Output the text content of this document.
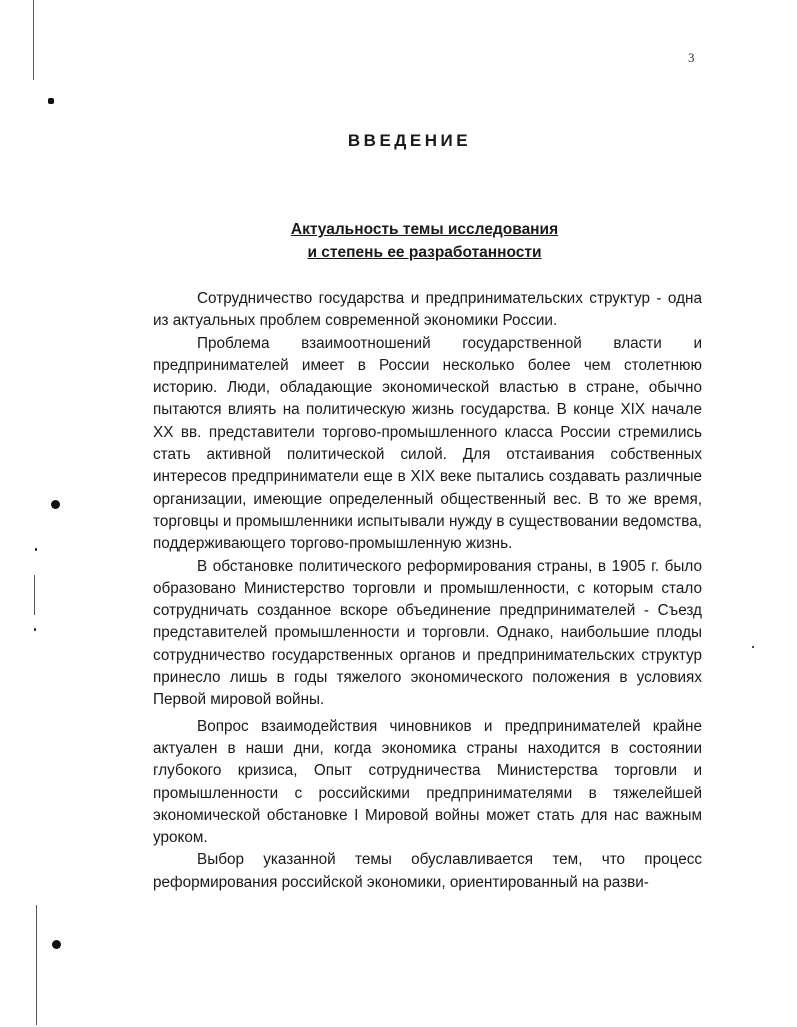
3
ВВЕДЕНИЕ
Актуальность темы исследования
и степень ее разработанности

Сотрудничество государства и предпринимательских структур - одна из актуальных проблем современной экономики России.

Проблема взаимоотношений государственной власти и предпринимателей имеет в России несколько более чем столетнюю историю. Люди, обладающие экономической властью в стране, обычно пытаются влиять на политическую жизнь государства. В конце XIX начале XX вв. представители торгово-промышленного класса России стремились стать активной политической силой. Для отстаивания собственных интересов предприниматели еще в XIX веке пытались создавать различные организации, имеющие определенный общественный вес. В то же время, торговцы и промышленники испытывали нужду в существовании ведомства, поддерживающего торгово-промышленную жизнь.

В обстановке политического реформирования страны, в 1905 г. было образовано Министерство торговли и промышленности, с которым стало сотрудничать созданное вскоре объединение предпринимателей - Съезд представителей промышленности и торговли. Однако, наибольшие плоды сотрудничество государственных органов и предпринимательских структур принесло лишь в годы тяжелого экономического положения в условиях Первой мировой войны.

Вопрос взаимодействия чиновников и предпринимателей крайне актуален в наши дни, когда экономика страны находится в состоянии глубокого кризиса, Опыт сотрудничества Министерства торговли и промышленности с российскими предпринимателями в тяжелейшей экономической обстановке I Мировой войны может стать для нас важным уроком.

Выбор указанной темы обуславливается тем, что процесс реформирования российской экономики, ориентированный на разви-
